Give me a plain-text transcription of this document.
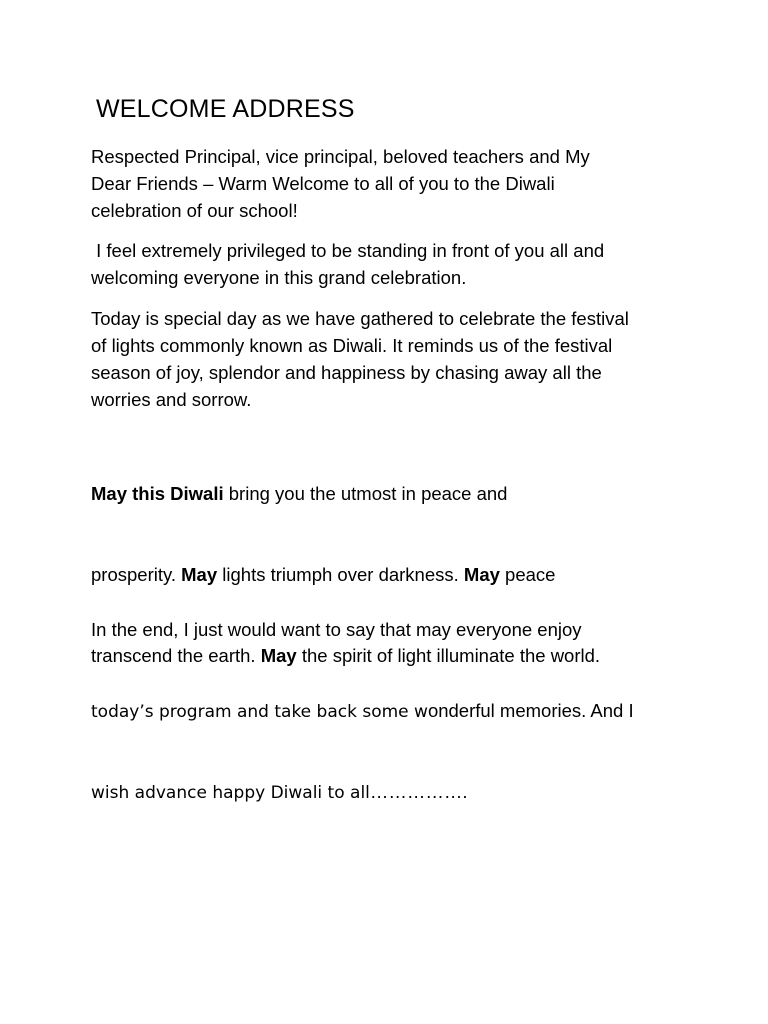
WELCOME ADDRESS
Respected Principal, vice principal, beloved teachers and My
Dear Friends – Warm Welcome to all of you to the Diwali
celebration of our school!
I feel extremely privileged to be standing in front of you all and
welcoming everyone in this grand celebration.
Today is special day as we have gathered to celebrate the festival
of lights commonly known as Diwali. It reminds us of the festival
season of joy, splendor and happiness by chasing away all the
worries and sorrow.

May this Diwali bring you the utmost in peace and

prosperity. May lights triumph over darkness. May peace

transcend the earth. May the spirit of light illuminate the world.

In the end, I just would want to say that may everyone enjoy

today’s program and take back some wonderful memories. And I

wish advance happy Diwali to all…………….
